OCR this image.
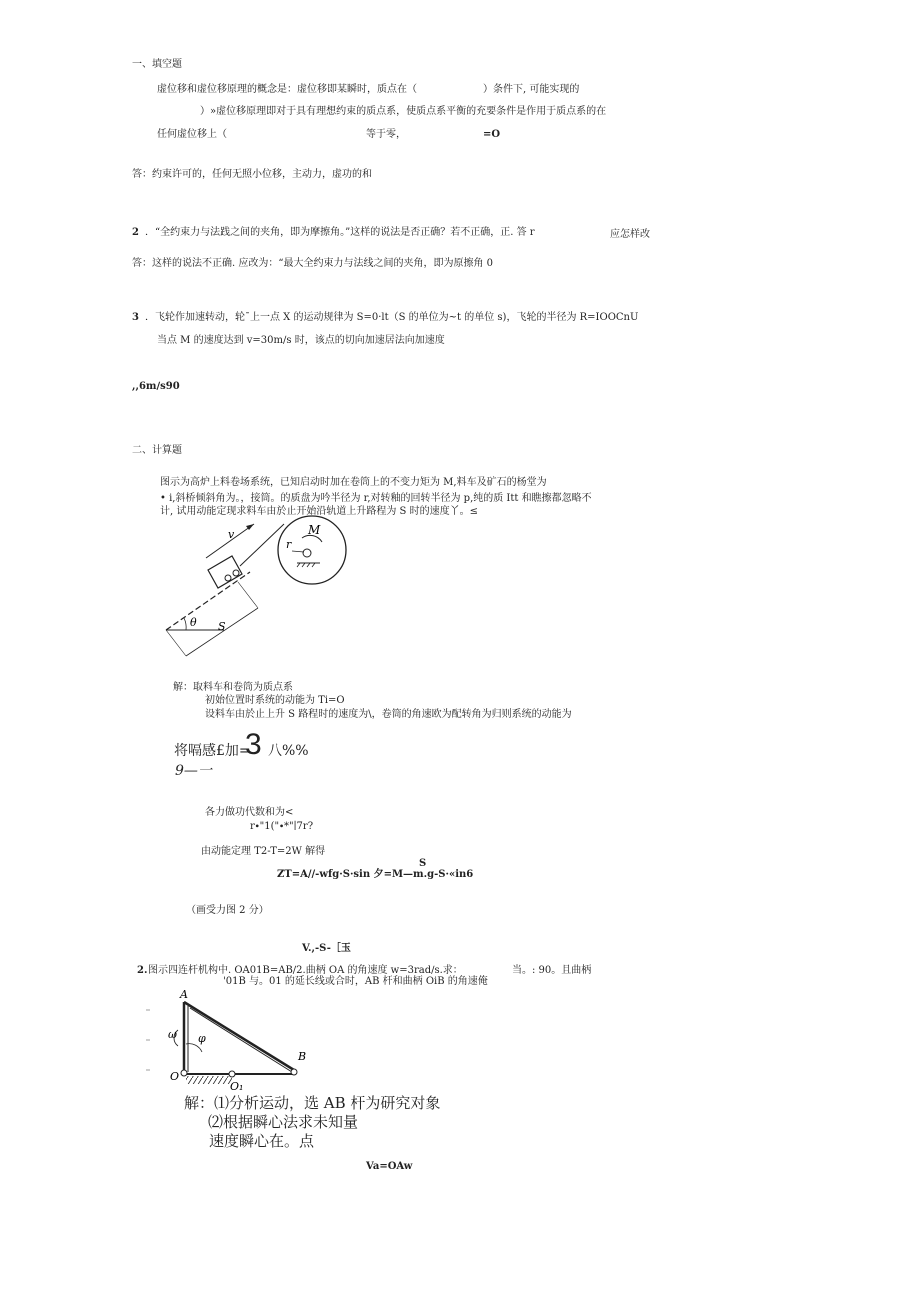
一、填空题
虚位移和虚位移原理的概念是：虚位移即某瞬时，质点在（	）条件下, 可能实现的
）»虚位移原理即对于具有理想约束的质点系，使质点系平衡的充要条件是作用于质点系的在
任何虚位移上（	等于零，	=O
答：约束许可的，任何无照小位移，主动力，虚功的和
2 ．“全约束力与法践之间的夹角，即为摩擦角。”这样的说法是否正确？若不正确，正. 答 r	应怎样改
答：这样的说法不正确. 应改为：“最大全约束力与法线之间的夹角，即为原擦角 0
3 ．飞轮作加速转动，轮¯上一点 X 的运动规律为 S=0·lt（S 的单位为~t 的单位 s)，飞轮的半径为 R=IOOCnU
当点 M 的速度达到 v=30m∕s 时，该点的切向加速居法向加速度
,,6m∕s90
二、计算题
图示为高炉上料卷场系统，已知启动时加在卷筒上的不变力矩为 M,料车及矿石的杨堂为
• i,斜桥倾斜角为。，接筒。的质盘为吟半径为 r,对转釉的回转半径为 p,纯的质 Itt 和瞧擦都忽略不
计, 试用动能定现求料车由於止开始沿轨道上升路程为 S 时的速度丫。≤
M
r
v
θ S
解：取料车和卷筒为质点系
初始位置时系统的动能为 Ti=O
设料车由於止上升 S 路程时的速度为\，卷筒的角速欧为配转角为归则系统的动能为
将嗝感£加=
3 八%%
9—一
各力做功代数和为<
r∙"1("∙*"∣7r?
由动能定理 T2-T=2W 解得
S
ZT=A//-wfg·S·sin 夕=M—m.g-S·«in6
（画受力图 2 分）
V.,-S-［玉
2. 图示四连杆机构中. OA01B=AB∕2.曲柄 OA 的角速度 w=3rad∕s.求：	当。: 90。且曲柄
'01B 与。01 的延长线或合时，AB 杆和曲柄 OiB 的角速俺
ω φ
A
B
O
O₁
解：⑴分析运动，选 AB 杆为研究对象
⑵根据瞬心法求未知量
速度瞬心在。点
Va=OAw
